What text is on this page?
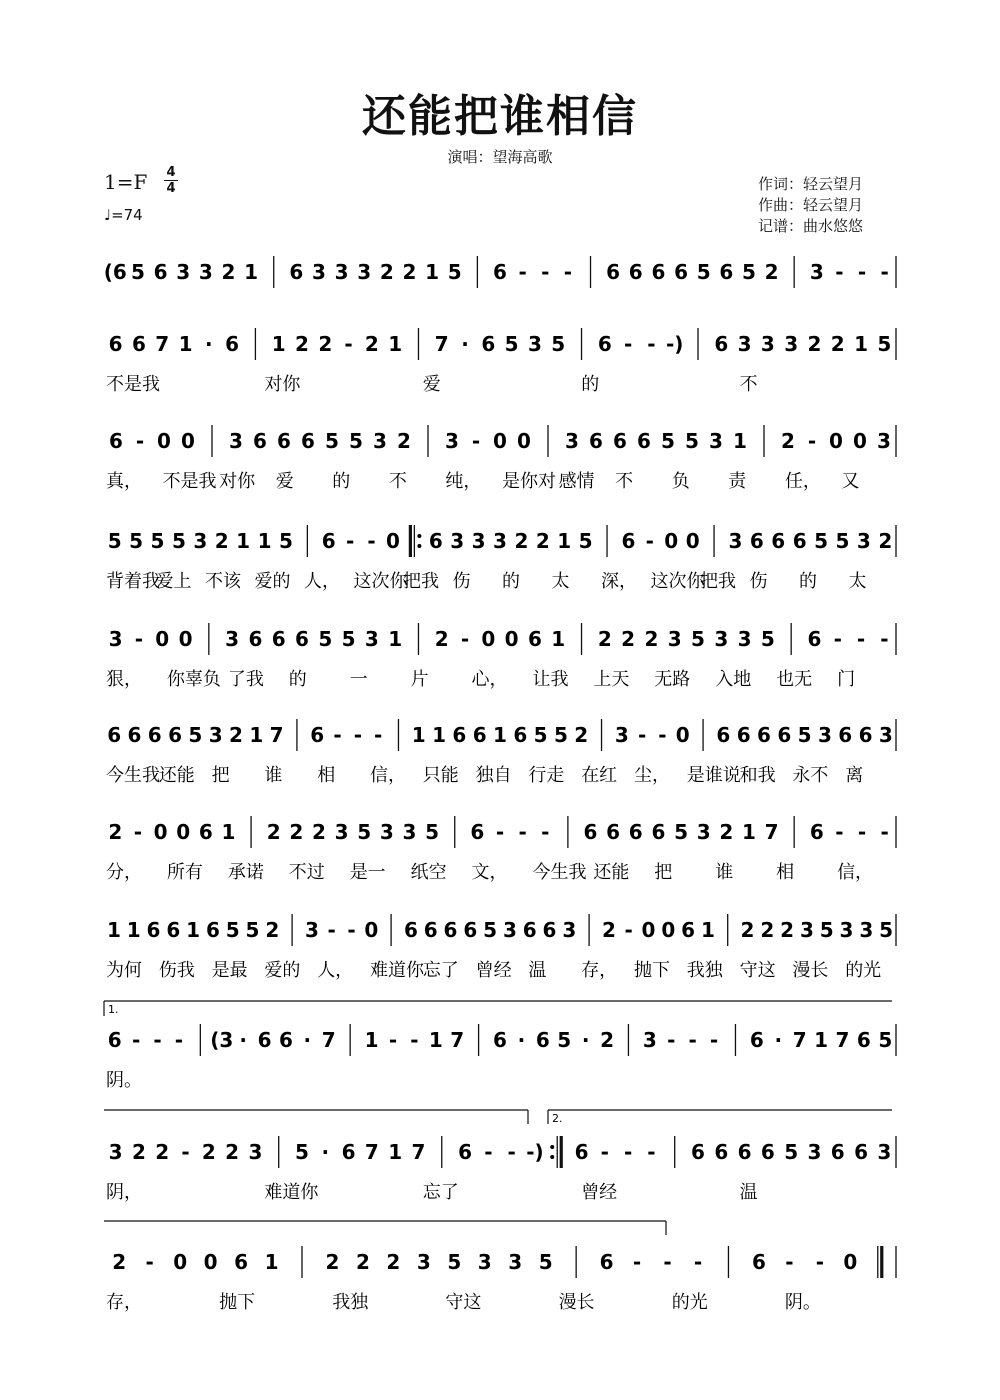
还能把谁相信
演唱：望海高歌
1=F 4
4
♩=74
作词：轻云望月
作曲：轻云望月
记谱：曲水悠悠
(6 5 6 3 3 2 1 6 3 3 3 2 2 1 5 6 - - - 6 6 6 6 5 6 5 2 3 - - -
6 6 7 1 · 6 1 2 2 - 2 1 7 · 6 5 3 5 6 - - -) 6 3 3 3 2 2 1 5
不是我	对你	爱	的	不
6 - 0 0 3 6 6 6 5 5 3 2 3 - 0 0 3 6 6 6 5 5 3 1 2 - 0 0 3
真， 不是我 对你 爱 的 不 纯， 是你对 感情 不 负 责 任， 又
5 5 5 5 3 2 1 1 5 6 - - 0 6 3 3 3 2 2 1 5 6 - 0 0 3 6 6 6 5 5 3 2
背着我
爱上 不该 爱的 人， 这次你
把我 伤 的 太 深， 这次你
把我 伤 的 太
3 - 0 0 3 6 6 6 5 5 3 1 2 - 0 0 6 1 2 2 2 3 5 3 3 5 6 - - -
狠， 你辜负 了我 的 一 片 心， 让我 上天 无路 入地 也无 门
6 6 6 6 5 3 2 1 7 6 - - - 1 1 6 6 1 6 5 5 2 3 - - 0 6 6 6 6 5 3 6 6 3
今生我
还能 把 谁 相 信， 只能 独自 行走 在红 尘， 是谁说
和我 永不 离
2 - 0 0 6 1 2 2 2 3 5 3 3 5 6 - - - 6 6 6 6 5 3 2 1 7 6 - - -
分， 所有 承诺 不过 是一 纸空 文， 今生我 还能 把 谁 相 信，
1 1 6 6 1 6 5 5 2 3 - - 0 6 6 6 6 5 3 6 6 3 2 - 0 0 6 1 2 2 2 3 5 3 3 5
为何 伤我 是最 爱的 人， 难道你
忘了 曾经 温 存， 抛下 我独 守这 漫长 的光
6 - - - (3 · 6 6 · 7 1 - - 1 7 6 · 6 5 · 2 3 - - - 6 · 7 1 7 6 5
阴。
3 2 2 - 2 2 3 5 · 6 7 1 7 6 - - -) 6 - - - 6 6 6 6 5 3 6 6 3
阴，	难道你	忘了	曾经	温
2 - 0 0 6 1 2 2 2 3 5 3 3 5 6 - - - 6 - - 0
存，	抛下	我独	守这	漫长	的光	阴。
1.
2.
